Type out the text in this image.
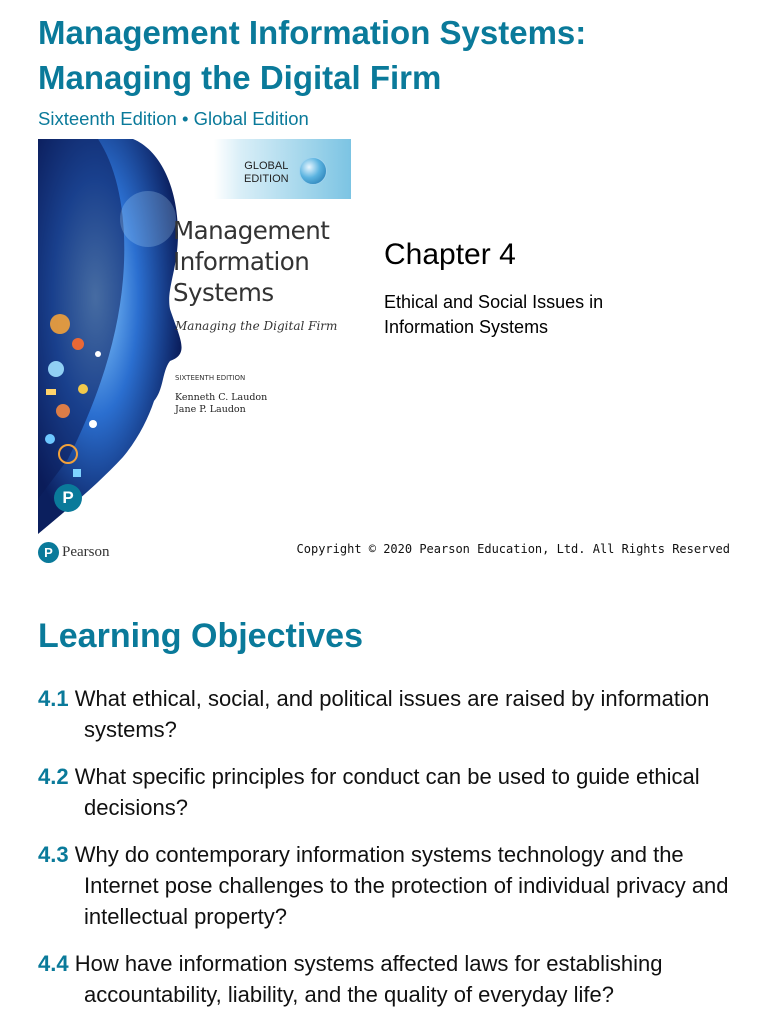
Management Information Systems:
Managing the Digital Firm
Sixteenth Edition • Global Edition
GLOBAL
EDITION
Management
Information
Systems
Managing the Digital Firm
SIXTEENTH EDITION
Kenneth C. Laudon
Jane P. Laudon
P
Chapter 4
Ethical and Social Issues in
Information Systems
P Pearson	Copyright © 2020 Pearson Education, Ltd. All Rights Reserved
Learning Objectives
4.1 What ethical, social, and political issues are raised by information systems?
4.2 What specific principles for conduct can be used to guide ethical decisions?
4.3 Why do contemporary information systems technology and the Internet pose challenges to the protection of individual privacy and intellectual property?
4.4 How have information systems affected laws for establishing accountability, liability, and the quality of everyday life?
